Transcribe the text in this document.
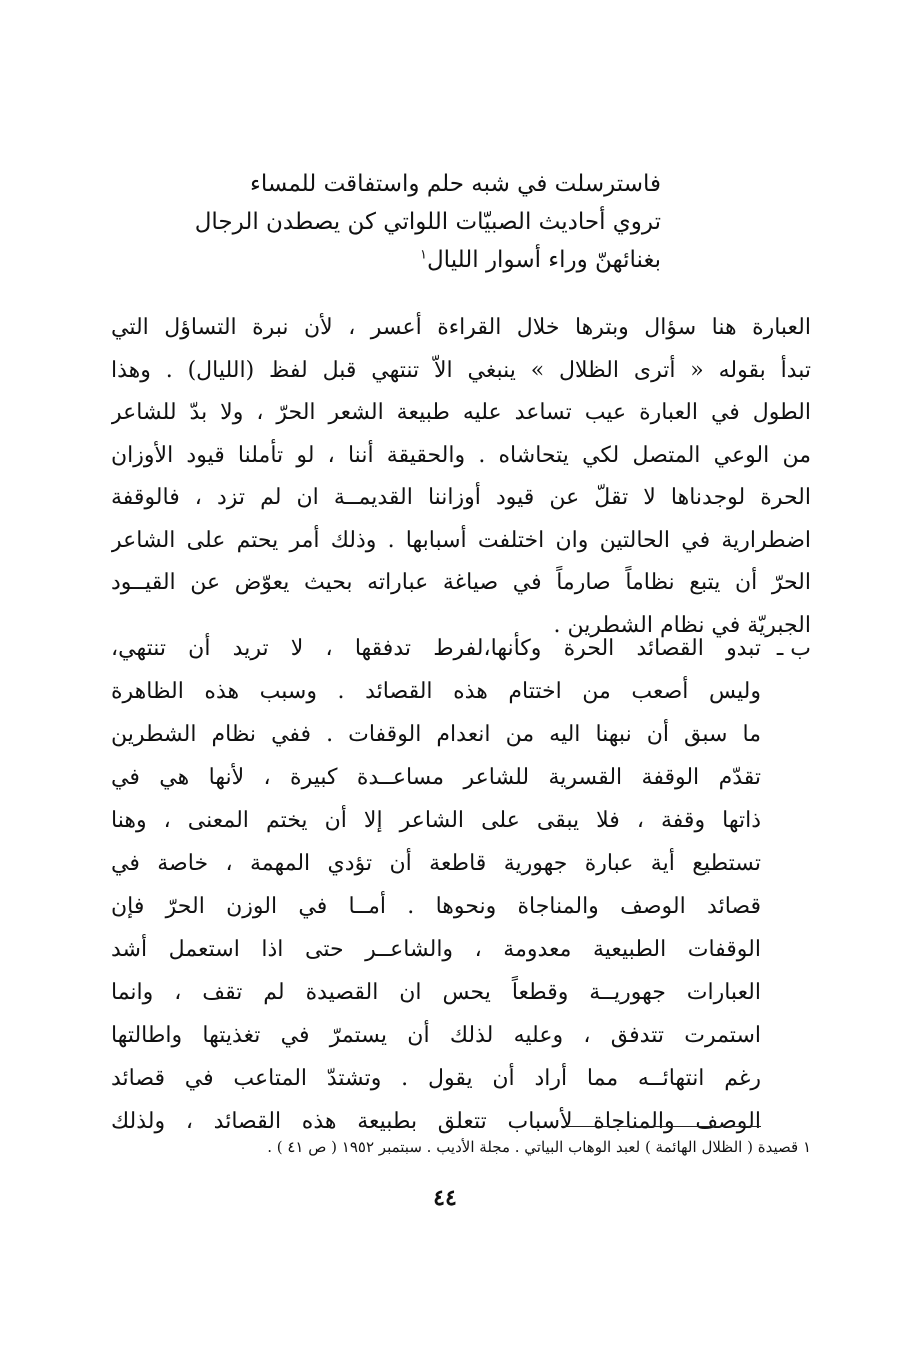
فاسترسلت في شبه حلم واستفاقت للمساء
تروي أحاديث الصبيّات اللواتي كن يصطدن الرجال
بغنائهنّ وراء أسوار الليال$^١$
العبارة هنا سؤال وبترها خلال القراءة أعسر ، لأن نبرة التساؤل التي
تبدأ بقوله « أترى الظلال » ينبغي الاّ تنتهي قبل لفظ (الليال) . وهذا
الطول في العبارة عيب تساعد عليه طبيعة الشعر الحرّ ، ولا بدّ للشاعر
من الوعي المتصل لكي يتحاشاه . والحقيقة أننا ، لو تأملنا قيود الأوزان
الحرة لوجدناها لا تقلّ عن قيود أوزاننا القديمــة ان لم تزد ، فالوقفة
اضطرارية في الحالتين وان اختلفت أسبابها . وذلك أمر يحتم على الشاعر
الحرّ أن يتبع نظاماً صارماً في صياغة عباراته بحيث يعوّض عن القيــود
الجبريّة في نظام الشطرين .
ب ـ
تبدو القصائد الحرة وكأنها،لفرط تدفقها ، لا تريد أن تنتهي،
وليس أصعب من اختتام هذه القصائد . وسبب هذه الظاهرة
ما سبق أن نبهنا اليه من انعدام الوقفات . ففي نظام الشطرين
تقدّم الوقفة القسرية للشاعر مساعــدة كبيرة ، لأنها هي في
ذاتها وقفة ، فلا يبقى على الشاعر إلا أن يختم المعنى ، وهنا
تستطيع أية عبارة جهورية قاطعة أن تؤدي المهمة ، خاصة في
قصائد الوصف والمناجاة ونحوها . أمــا في الوزن الحرّ فإن
الوقفات الطبيعية معدومة ، والشاعــر حتى اذا استعمل أشد
العبارات جهوريــة وقطعاً يحس ان القصيدة لم تقف ، وانما
استمرت تتدفق ، وعليه لذلك أن يستمرّ في تغذيتها واطالتها
رغم انتهائــه مما أراد أن يقول . وتشتدّ المتاعب في قصائد
الوصف والمناجاة لأسباب تتعلق بطبيعة هذه القصائد ، ولذلك
١ قصيدة ( الظلال الهائمة ) لعبد الوهاب البياتي . مجلة الأديب . سبتمبر ١٩٥٢ ( ص ٤١ ) .
٤٤
